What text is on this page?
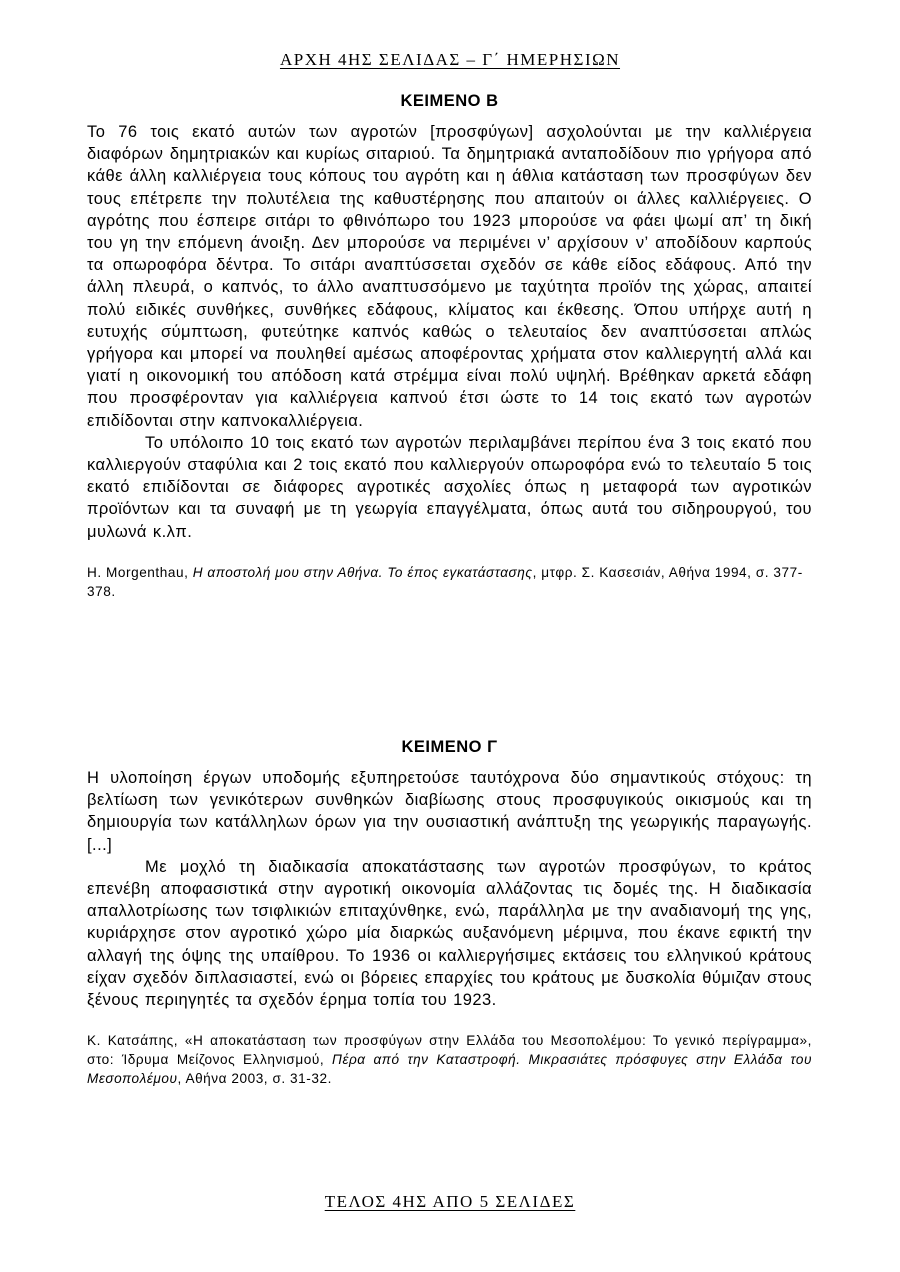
ΑΡΧΗ 4ΗΣ ΣΕΛΙΔΑΣ – Γ΄ ΗΜΕΡΗΣΙΩΝ
ΚΕΙΜΕΝΟ Β

Το 76 τοις εκατό αυτών των αγροτών [προσφύγων] ασχολούνται με την καλλιέργεια διαφόρων δημητριακών και κυρίως σιταριού. Τα δημητριακά ανταποδίδουν πιο γρήγορα από κάθε άλλη καλλιέργεια τους κόπους του αγρότη και η άθλια κατάσταση των προσφύγων δεν τους επέτρεπε την πολυτέλεια της καθυστέρησης που απαιτούν οι άλλες καλλιέργειες. Ο αγρότης που έσπειρε σιτάρι το φθινόπωρο του 1923 μπορούσε να φάει ψωμί απ’ τη δική του γη την επόμενη άνοιξη. Δεν μπορούσε να περιμένει ν’ αρχίσουν ν’ αποδίδουν καρπούς τα οπωροφόρα δέντρα. Το σιτάρι αναπτύσσεται σχεδόν σε κάθε είδος εδάφους. Από την άλλη πλευρά, ο καπνός, το άλλο αναπτυσσόμενο με ταχύτητα προϊόν της χώρας, απαιτεί πολύ ειδικές συνθήκες, συνθήκες εδάφους, κλίματος και έκθεσης. Όπου υπήρχε αυτή η ευτυχής σύμπτωση, φυτεύτηκε καπνός καθώς ο τελευταίος δεν αναπτύσσεται απλώς γρήγορα και μπορεί να πουληθεί αμέσως αποφέροντας χρήματα στον καλλιεργητή αλλά και γιατί η οικονομική του απόδοση κατά στρέμμα είναι πολύ υψηλή. Βρέθηκαν αρκετά εδάφη που προσφέρονταν για καλλιέργεια καπνού έτσι ώστε το 14 τοις εκατό των αγροτών επιδίδονται στην καπνοκαλλιέργεια.

Το υπόλοιπο 10 τοις εκατό των αγροτών περιλαμβάνει περίπου ένα 3 τοις εκατό που καλλιεργούν σταφύλια και 2 τοις εκατό που καλλιεργούν οπωροφόρα ενώ το τελευταίο 5 τοις εκατό επιδίδονται σε διάφορες αγροτικές ασχολίες όπως η μεταφορά των αγροτικών προϊόντων και τα συναφή με τη γεωργία επαγγέλματα, όπως αυτά του σιδηρουργού, του μυλωνά κ.λπ.

H. Morgenthau, Η αποστολή μου στην Αθήνα. Το έπος εγκατάστασης, μτφρ. Σ. Κασεσιάν, Αθήνα 1994, σ. 377-378.

ΚΕΙΜΕΝΟ Γ

Η υλοποίηση έργων υποδομής εξυπηρετούσε ταυτόχρονα δύο σημαντικούς στόχους: τη βελτίωση των γενικότερων συνθηκών διαβίωσης στους προσφυγικούς οικισμούς και τη δημιουργία των κατάλληλων όρων για την ουσιαστική ανάπτυξη της γεωργικής παραγωγής. [...]

Με μοχλό τη διαδικασία αποκατάστασης των αγροτών προσφύγων, το κράτος επενέβη αποφασιστικά στην αγροτική οικονομία αλλάζοντας τις δομές της. Η διαδικασία απαλλοτρίωσης των τσιφλικιών επιταχύνθηκε, ενώ, παράλληλα με την αναδιανομή της γης, κυριάρχησε στον αγροτικό χώρο μία διαρκώς αυξανόμενη μέριμνα, που έκανε εφικτή την αλλαγή της όψης της υπαίθρου. Το 1936 οι καλλιεργήσιμες εκτάσεις του ελληνικού κράτους είχαν σχεδόν διπλασιαστεί, ενώ οι βόρειες επαρχίες του κράτους με δυσκολία θύμιζαν στους ξένους περιηγητές τα σχεδόν έρημα τοπία του 1923.

Κ. Κατσάπης, «Η αποκατάσταση των προσφύγων στην Ελλάδα του Μεσοπολέμου: Το γενικό περίγραμμα», στο: Ίδρυμα Μείζονος Ελληνισμού, Πέρα από την Καταστροφή. Μικρασιάτες πρόσφυγες στην Ελλάδα του Μεσοπολέμου, Αθήνα 2003, σ. 31-32.

ΤΕΛΟΣ 4ΗΣ ΑΠΟ 5 ΣΕΛΙΔΕΣ
